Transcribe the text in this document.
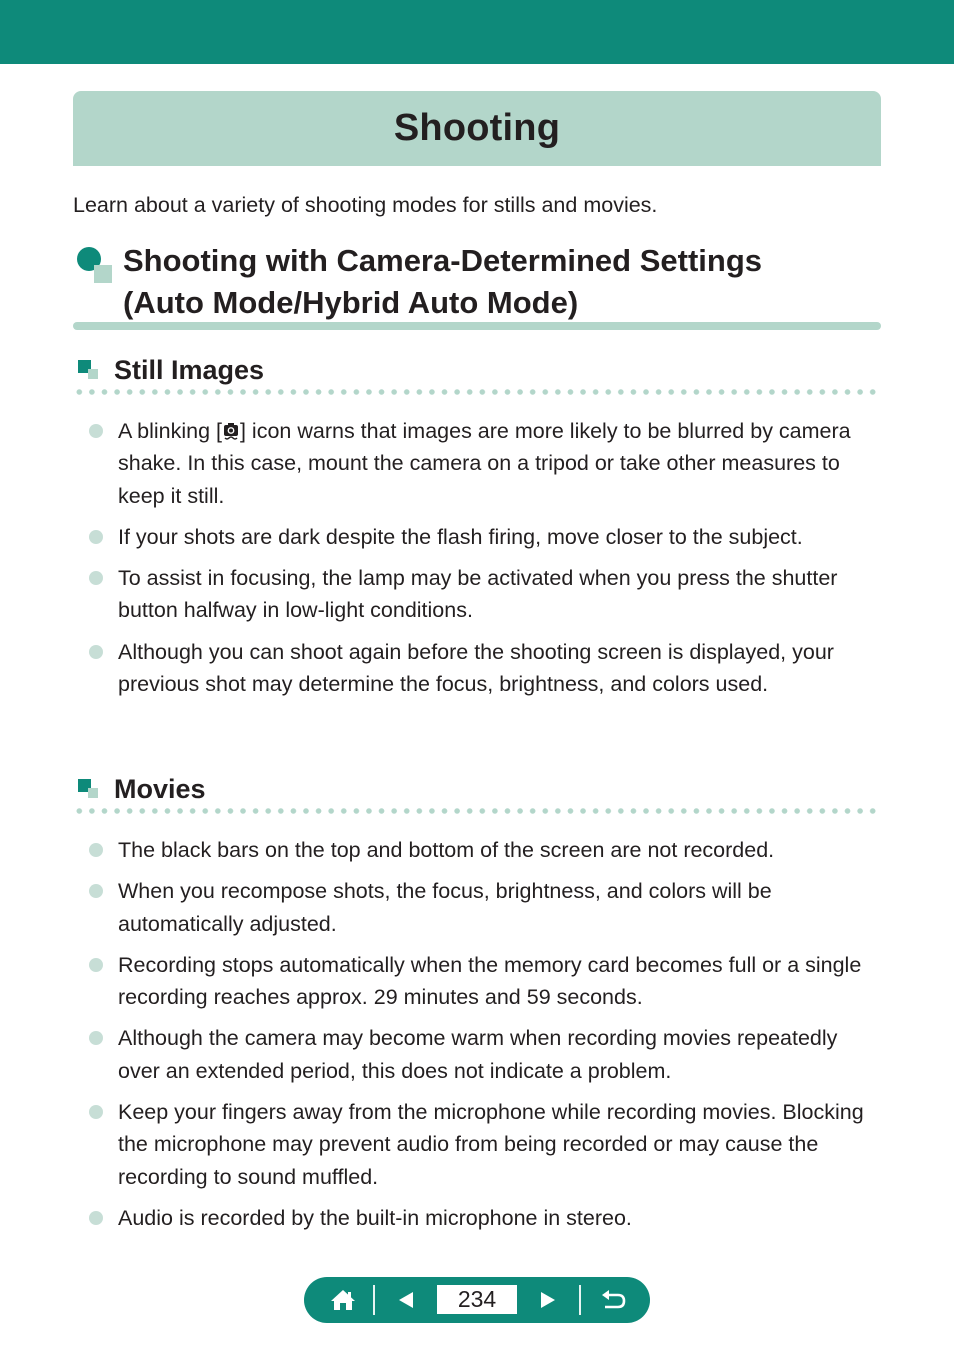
Shooting

Learn about a variety of shooting modes for stills and movies.

Shooting with Camera-Determined Settings
(Auto Mode/Hybrid Auto Mode)

Still Images

A blinking [ ] icon warns that images are more likely to be blurred by camera shake. In this case, mount the camera on a tripod or take other measures to keep it still.
If your shots are dark despite the flash firing, move closer to the subject.
To assist in focusing, the lamp may be activated when you press the shutter button halfway in low-light conditions.
Although you can shoot again before the shooting screen is displayed, your previous shot may determine the focus, brightness, and colors used.

Movies

The black bars on the top and bottom of the screen are not recorded.
When you recompose shots, the focus, brightness, and colors will be automatically adjusted.
Recording stops automatically when the memory card becomes full or a single recording reaches approx. 29 minutes and 59 seconds.
Although the camera may become warm when recording movies repeatedly over an extended period, this does not indicate a problem.
Keep your fingers away from the microphone while recording movies. Blocking the microphone may prevent audio from being recorded or may cause the recording to sound muffled.
Audio is recorded by the built-in microphone in stereo.
234
